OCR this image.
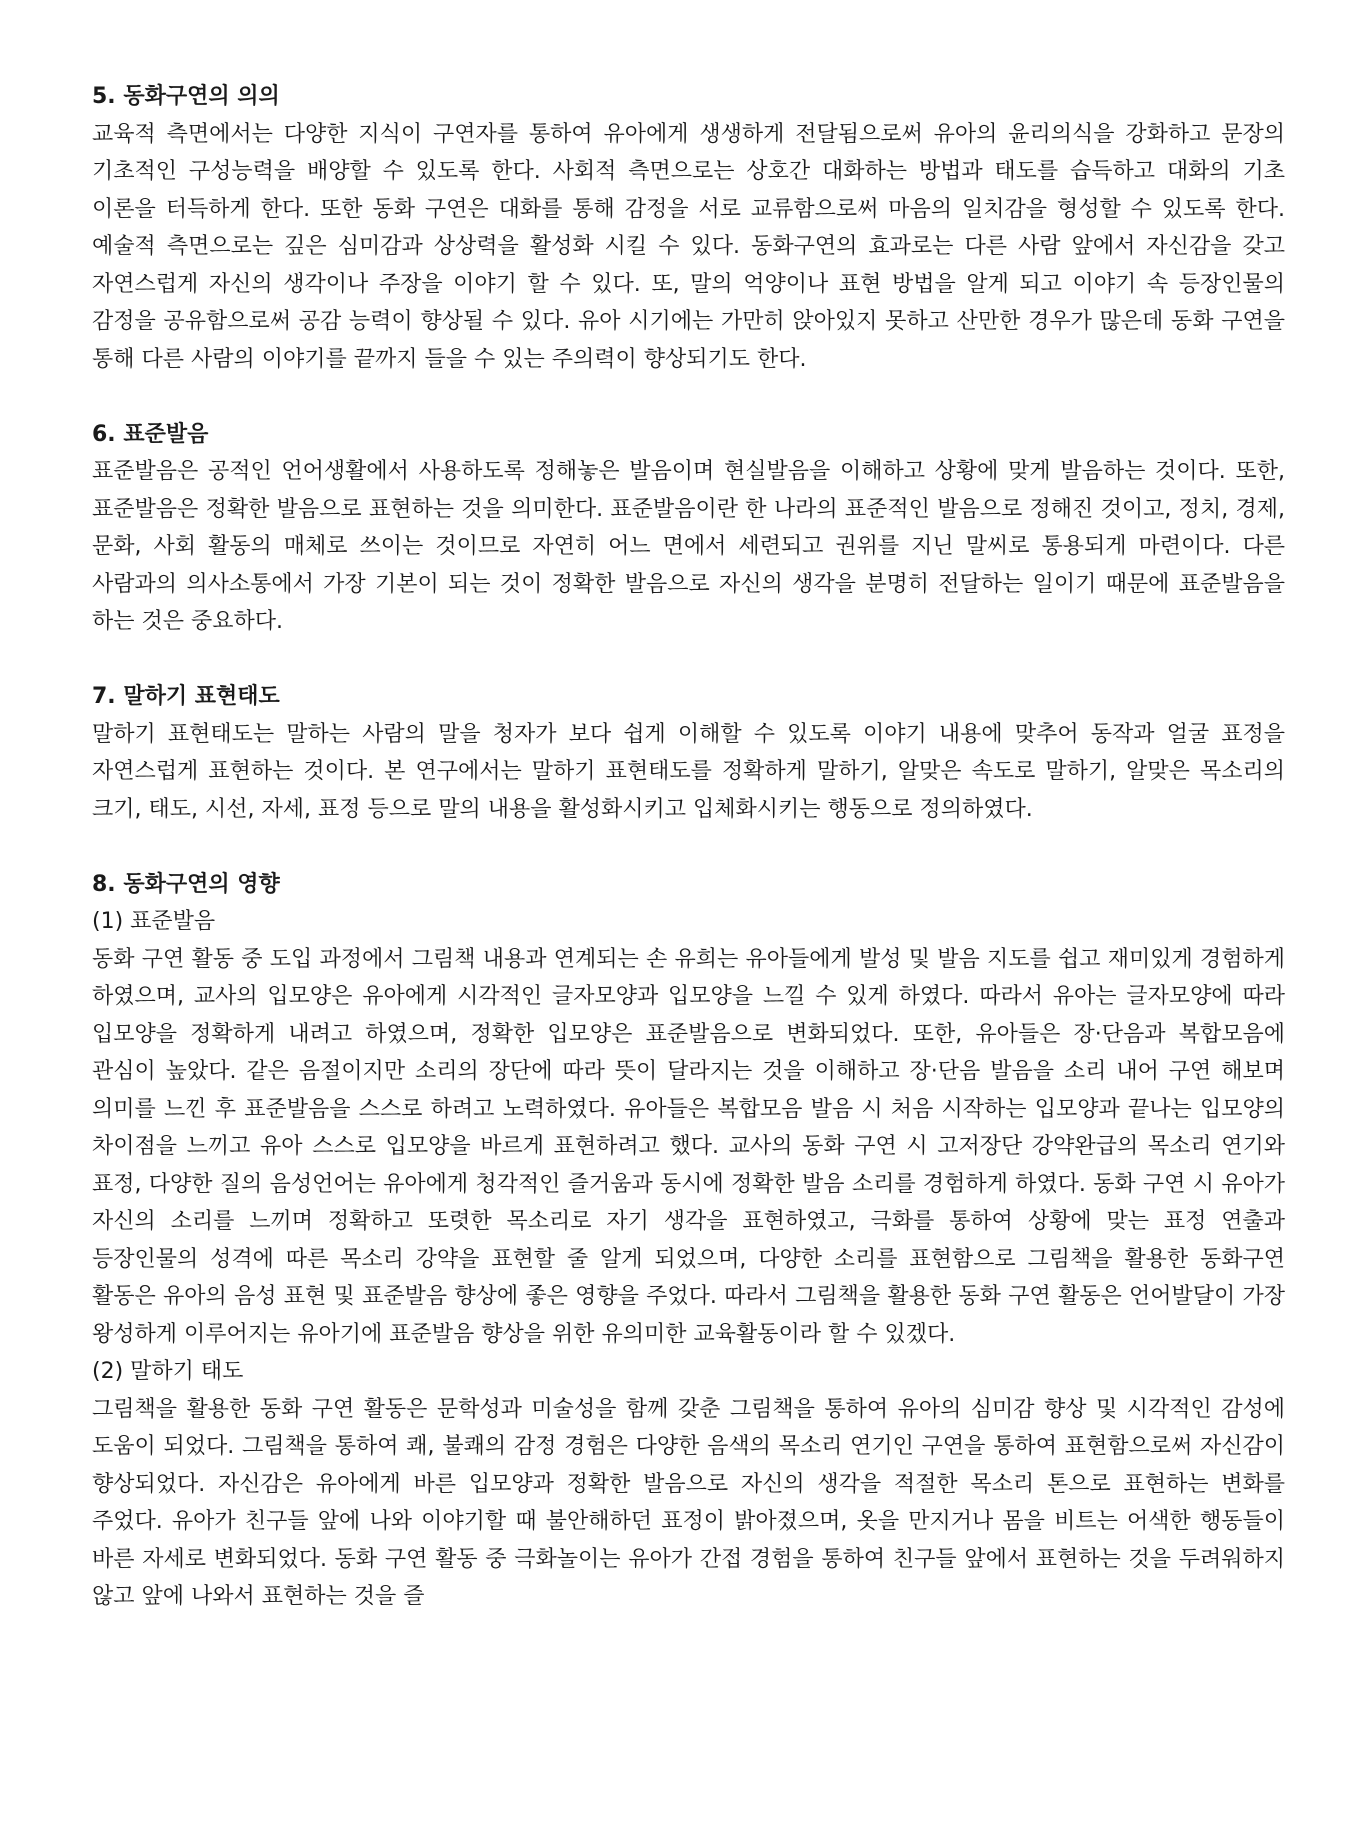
5. 동화구연의 의의

교육적 측면에서는 다양한 지식이 구연자를 통하여 유아에게 생생하게 전달됨으로써 유아의 윤리의식을 강화하고 문장의 기초적인 구성능력을 배양할 수 있도록 한다. 사회적 측면으로는 상호간 대화하는 방법과 태도를 습득하고 대화의 기초 이론을 터득하게 한다. 또한 동화 구연은 대화를 통해 감정을 서로 교류함으로써 마음의 일치감을 형성할 수 있도록 한다. 예술적 측면으로는 깊은 심미감과 상상력을 활성화 시킬 수 있다. 동화구연의 효과로는 다른 사람 앞에서 자신감을 갖고 자연스럽게 자신의 생각이나 주장을 이야기 할 수 있다. 또, 말의 억양이나 표현 방법을 알게 되고 이야기 속 등장인물의 감정을 공유함으로써 공감 능력이 향상될 수 있다. 유아 시기에는 가만히 앉아있지 못하고 산만한 경우가 많은데 동화 구연을 통해 다른 사람의 이야기를 끝까지 들을 수 있는 주의력이 향상되기도 한다.

6. 표준발음

표준발음은 공적인 언어생활에서 사용하도록 정해놓은 발음이며 현실발음을 이해하고 상황에 맞게 발음하는 것이다. 또한, 표준발음은 정확한 발음으로 표현하는 것을 의미한다. 표준발음이란 한 나라의 표준적인 발음으로 정해진 것이고, 정치, 경제, 문화, 사회 활동의 매체로 쓰이는 것이므로 자연히 어느 면에서 세련되고 권위를 지닌 말씨로 통용되게 마련이다. 다른 사람과의 의사소통에서 가장 기본이 되는 것이 정확한 발음으로 자신의 생각을 분명히 전달하는 일이기 때문에 표준발음을 하는 것은 중요하다.

7. 말하기 표현태도

말하기 표현태도는 말하는 사람의 말을 청자가 보다 쉽게 이해할 수 있도록 이야기 내용에 맞추어 동작과 얼굴 표정을 자연스럽게 표현하는 것이다. 본 연구에서는 말하기 표현태도를 정확하게 말하기, 알맞은 속도로 말하기, 알맞은 목소리의 크기, 태도, 시선, 자세, 표정 등으로 말의 내용을 활성화시키고 입체화시키는 행동으로 정의하였다.

8. 동화구연의 영향

(1) 표준발음

동화 구연 활동 중 도입 과정에서 그림책 내용과 연계되는 손 유희는 유아들에게 발성 및 발음 지도를 쉽고 재미있게 경험하게 하였으며, 교사의 입모양은 유아에게 시각적인 글자모양과 입모양을 느낄 수 있게 하였다. 따라서 유아는 글자모양에 따라 입모양을 정확하게 내려고 하였으며, 정확한 입모양은 표준발음으로 변화되었다. 또한, 유아들은 장·단음과 복합모음에 관심이 높았다. 같은 음절이지만 소리의 장단에 따라 뜻이 달라지는 것을 이해하고 장·단음 발음을 소리 내어 구연 해보며 의미를 느낀 후 표준발음을 스스로 하려고 노력하였다. 유아들은 복합모음 발음 시 처음 시작하는 입모양과 끝나는 입모양의 차이점을 느끼고 유아 스스로 입모양을 바르게 표현하려고 했다. 교사의 동화 구연 시 고저장단 강약완급의 목소리 연기와 표정, 다양한 질의 음성언어는 유아에게 청각적인 즐거움과 동시에 정확한 발음 소리를 경험하게 하였다. 동화 구연 시 유아가 자신의 소리를 느끼며 정확하고 또렷한 목소리로 자기 생각을 표현하였고, 극화를 통하여 상황에 맞는 표정 연출과 등장인물의 성격에 따른 목소리 강약을 표현할 줄 알게 되었으며, 다양한 소리를 표현함으로 그림책을 활용한 동화구연 활동은 유아의 음성 표현 및 표준발음 향상에 좋은 영향을 주었다. 따라서 그림책을 활용한 동화 구연 활동은 언어발달이 가장 왕성하게 이루어지는 유아기에 표준발음 향상을 위한 유의미한 교육활동이라 할 수 있겠다.

(2) 말하기 태도

그림책을 활용한 동화 구연 활동은 문학성과 미술성을 함께 갖춘 그림책을 통하여 유아의 심미감 향상 및 시각적인 감성에 도움이 되었다. 그림책을 통하여 쾌, 불쾌의 감정 경험은 다양한 음색의 목소리 연기인 구연을 통하여 표현함으로써 자신감이 향상되었다. 자신감은 유아에게 바른 입모양과 정확한 발음으로 자신의 생각을 적절한 목소리 톤으로 표현하는 변화를 주었다. 유아가 친구들 앞에 나와 이야기할 때 불안해하던 표정이 밝아졌으며, 옷을 만지거나 몸을 비트는 어색한 행동들이 바른 자세로 변화되었다. 동화 구연 활동 중 극화놀이는 유아가 간접 경험을 통하여 친구들 앞에서 표현하는 것을 두려워하지 않고 앞에 나와서 표현하는 것을 즐
